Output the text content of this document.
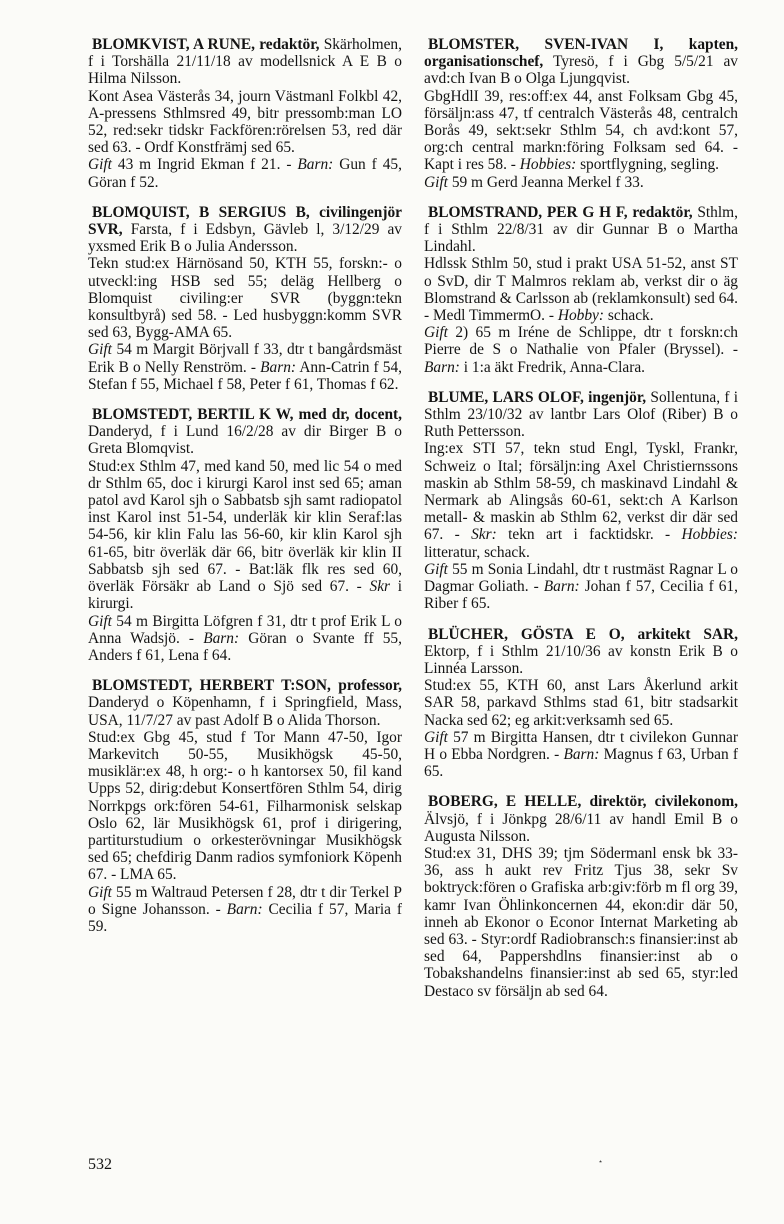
BLOMKVIST, A RUNE, redaktör, Skärholmen, f i Torshälla 21/11/18 av modellsnick A E B o Hilma Nilsson.

Kont Asea Västerås 34, journ Västmanl Folkbl 42, A-pressens Sthlmsred 49, bitr pressomb:man LO 52, red:sekr tidskr Fackfören:rörelsen 53, red där sed 63. - Ordf Konstfrämj sed 65.

Gift 43 m Ingrid Ekman f 21. - Barn: Gun f 45, Göran f 52.

BLOMQUIST, B SERGIUS B, civilingenjör SVR, Farsta, f i Edsbyn, Gävleb l, 3/12/29 av yxsmed Erik B o Julia Andersson.

Tekn stud:ex Härnösand 50, KTH 55, forskn:- o utveckl:ing HSB sed 55; deläg Hellberg o Blomquist civiling:er SVR (byggn:tekn konsultbyrå) sed 58. - Led husbyggn:komm SVR sed 63, Bygg-AMA 65.

Gift 54 m Margit Börjvall f 33, dtr t bangårdsmäst Erik B o Nelly Renström. - Barn: Ann-Catrin f 54, Stefan f 55, Michael f 58, Peter f 61, Thomas f 62.

BLOMSTEDT, BERTIL K W, med dr, docent, Danderyd, f i Lund 16/2/28 av dir Birger B o Greta Blomqvist.

Stud:ex Sthlm 47, med kand 50, med lic 54 o med dr Sthlm 65, doc i kirurgi Karol inst sed 65; aman patol avd Karol sjh o Sabbatsb sjh samt radiopatol inst Karol inst 51-54, underläk kir klin Seraf:las 54-56, kir klin Falu las 56-60, kir klin Karol sjh 61-65, bitr överläk där 66, bitr överläk kir klin II Sabbatsb sjh sed 67. - Bat:läk flk res sed 60, överläk Försäkr ab Land o Sjö sed 67. - Skr i kirurgi.

Gift 54 m Birgitta Löfgren f 31, dtr t prof Erik L o Anna Wadsjö. - Barn: Göran o Svante ff 55, Anders f 61, Lena f 64.

BLOMSTEDT, HERBERT T:SON, professor, Danderyd o Köpenhamn, f i Springfield, Mass, USA, 11/7/27 av past Adolf B o Alida Thorson.

Stud:ex Gbg 45, stud f Tor Mann 47-50, Igor Markevitch 50-55, Musikhögsk 45-50, musiklär:ex 48, h org:- o h kantorsex 50, fil kand Upps 52, dirig:debut Konsertfören Sthlm 54, dirig Norrkpgs ork:fören 54-61, Filharmonisk selskap Oslo 62, lär Musikhögsk 61, prof i dirigering, partiturstudium o orkesterövningar Musikhögsk sed 65; chefdirig Danm radios symfoniork Köpenh 67. - LMA 65.

Gift 55 m Waltraud Petersen f 28, dtr t dir Terkel P o Signe Johansson. - Barn: Cecilia f 57, Maria f 59.

BLOMSTER, SVEN-IVAN I, kapten, organisationschef, Tyresö, f i Gbg 5/5/21 av avd:ch Ivan B o Olga Ljungqvist.

GbgHdlI 39, res:off:ex 44, anst Folksam Gbg 45, försäljn:ass 47, tf centralch Västerås 48, centralch Borås 49, sekt:sekr Sthlm 54, ch avd:kont 57, org:ch central markn:föring Folksam sed 64. - Kapt i res 58. - Hobbies: sportflygning, segling.

Gift 59 m Gerd Jeanna Merkel f 33.

BLOMSTRAND, PER G H F, redaktör, Sthlm, f i Sthlm 22/8/31 av dir Gunnar B o Martha Lindahl.

Hdlssk Sthlm 50, stud i prakt USA 51-52, anst ST o SvD, dir T Malmros reklam ab, verkst dir o äg Blomstrand & Carlsson ab (reklamkonsult) sed 64. - Medl TimmermO. - Hobby: schack.

Gift 2) 65 m Iréne de Schlippe, dtr t forskn:ch Pierre de S o Nathalie von Pfaler (Bryssel). - Barn: i 1:a äkt Fredrik, Anna-Clara.

BLUME, LARS OLOF, ingenjör, Sollentuna, f i Sthlm 23/10/32 av lantbr Lars Olof (Riber) B o Ruth Pettersson.

Ing:ex STI 57, tekn stud Engl, Tyskl, Frankr, Schweiz o Ital; försäljn:ing Axel Christiernssons maskin ab Sthlm 58-59, ch maskinavd Lindahl & Nermark ab Alingsås 60-61, sekt:ch A Karlson metall- & maskin ab Sthlm 62, verkst dir där sed 67. - Skr: tekn art i facktidskr. - Hobbies: litteratur, schack.

Gift 55 m Sonia Lindahl, dtr t rustmäst Ragnar L o Dagmar Goliath. - Barn: Johan f 57, Cecilia f 61, Riber f 65.

BLÜCHER, GÖSTA E O, arkitekt SAR, Ektorp, f i Sthlm 21/10/36 av konstn Erik B o Linnéa Larsson.

Stud:ex 55, KTH 60, anst Lars Åkerlund arkit SAR 58, parkavd Sthlms stad 61, bitr stadsarkit Nacka sed 62; eg arkit:verksamh sed 65.

Gift 57 m Birgitta Hansen, dtr t civilekon Gunnar H o Ebba Nordgren. - Barn: Magnus f 63, Urban f 65.

BOBERG, E HELLE, direktör, civilekonom, Älvsjö, f i Jönkpg 28/6/11 av handl Emil B o Augusta Nilsson.

Stud:ex 31, DHS 39; tjm Södermanl ensk bk 33-36, ass h aukt rev Fritz Tjus 38, sekr Sv boktryck:fören o Grafiska arb:giv:förb m fl org 39, kamr Ivan Öhlinkoncernen 44, ekon:dir där 50, inneh ab Ekonor o Econor Internat Marketing ab sed 63. - Styr:ordf Radiobransch:s finansier:inst ab sed 64, Pappershdlns finansier:inst ab o Tobakshandelns finansier:inst ab sed 65, styr:led Destaco sv försäljn ab sed 64.

532	⋆
